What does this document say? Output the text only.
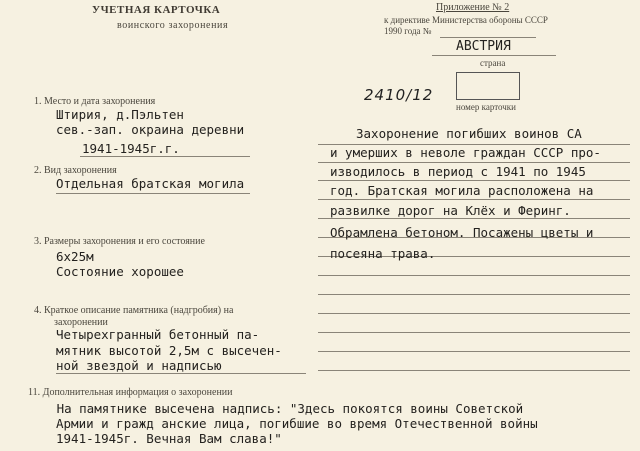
УЧЕТНАЯ КАРТОЧКА
воинского захоронения
Приложение № 2
к директиве Министерства обороны СССР
1990 года №
АВСТРИЯ
страна
2410/12
номер карточки
1. Место и дата захоронения
Штирия, д.Пэльтен
сев.-зап. окраина деревни
1941-1945г.г.
2. Вид захоронения
Отдельная братская могила
3. Размеры захоронения и его состояние
6х25м
Состояние хорошее
4. Краткое описание памятника (надгробия) на
захоронении
Четырехгранный бетонный па-
мятник высотой 2,5м с высечен-
ной звездой и надписью
11. Дополнительная информация о захоронении
На памятнике высечена надпись: "Здесь покоятся воины Советской
Армии и гражд анские лица, погибшие во время Отечественной войны
1941-1945г. Вечная Вам слава!"
Захоронение погибших воинов СА
и умерших в неволе граждан СССР про-
изводилось в период с 1941 по 1945
год. Братская могила расположена на
развилке дорог на Клёх и Феринг.
Обрамлена бетоном. Посажены цветы и
посеяна трава.
